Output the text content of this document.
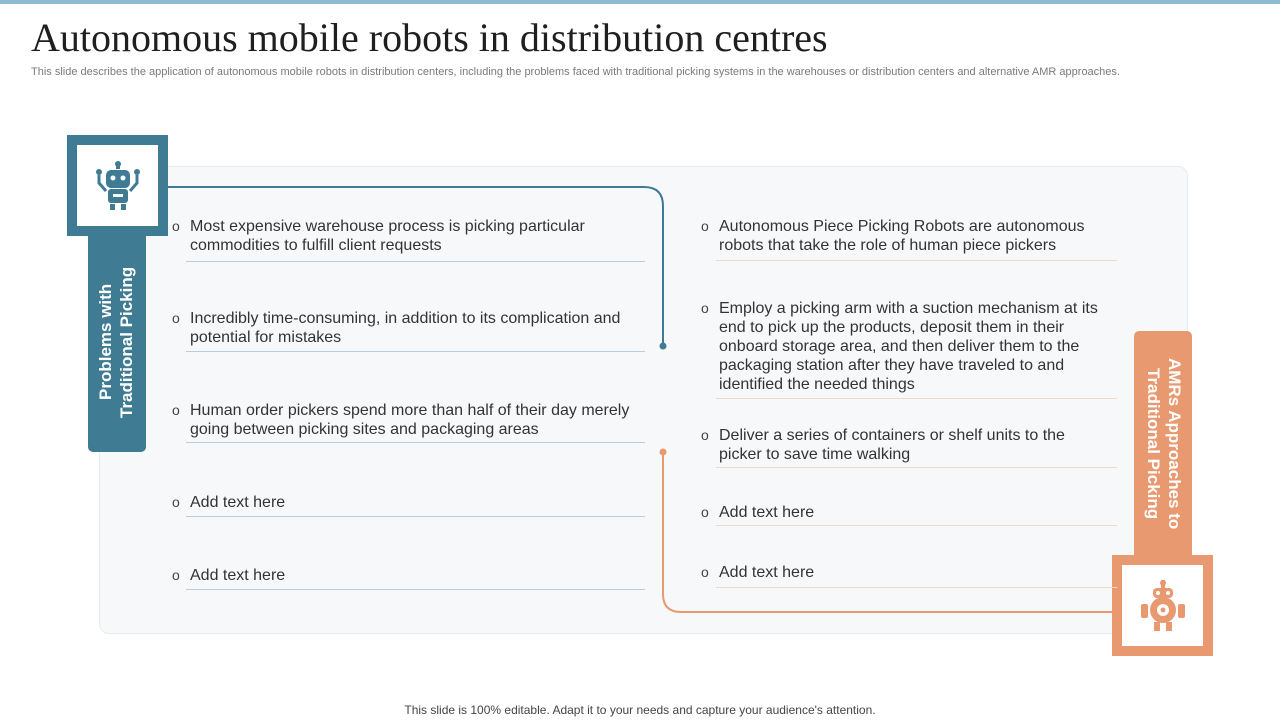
Autonomous mobile robots in distribution centres
This slide describes the application of autonomous mobile robots in distribution centers, including the problems faced with traditional picking systems in the warehouses or distribution centers and alternative AMR approaches.
Problems with Traditional Picking
AMRs Approaches to Traditional Picking
o Most expensive warehouse process is picking particular commodities to fulfill client requests
o Incredibly time-consuming, in addition to its complication and potential for mistakes
o Human order pickers spend more than half of their day merely going between picking sites and packaging areas
o Add text here
o Add text here
o Autonomous Piece Picking Robots are autonomous robots that take the role of human piece pickers
o Employ a picking arm with a suction mechanism at its end to pick up the products, deposit them in their onboard storage area, and then deliver them to the packaging station after they have traveled to and identified the needed things
o Deliver a series of containers or shelf units to the picker to save time walking
o Add text here
o Add text here
This slide is 100% editable. Adapt it to your needs and capture your audience's attention.
